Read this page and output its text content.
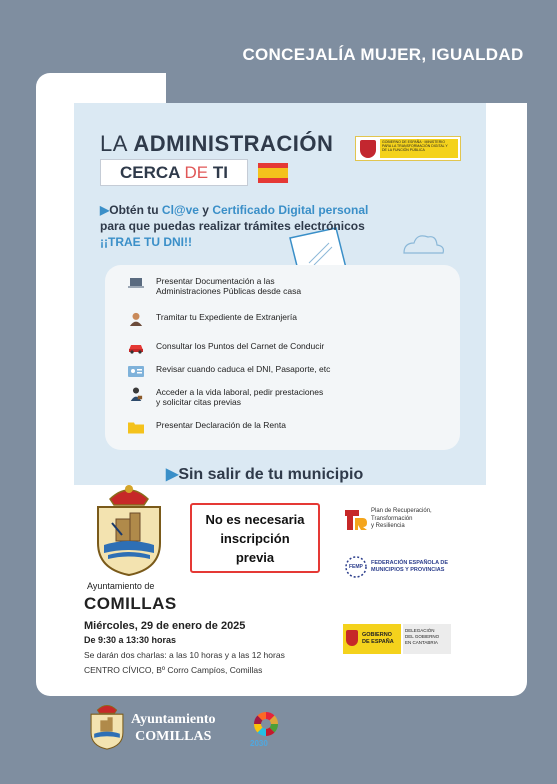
CONCEJALÍA MUJER, IGUALDAD
LA ADMINISTRACIÓN
CERCA DE TI
GOBIERNO DE ESPAÑA · MINISTERIO PARA LA TRANSFORMACIÓN DIGITAL Y DE LA FUNCIÓN PÚBLICA
▶Obtén tu Cl@ve y Certificado Digital personal
para que puedas realizar trámites electrónicos
¡¡TRAE TU DNI!!
Presentar Documentación a las
Administraciones Públicas desde casa
Tramitar tu Expediente de Extranjería
Consultar los Puntos del Carnet de Conducir
Revisar cuando caduca el DNI, Pasaporte, etc
Acceder a la vida laboral, pedir prestaciones
y solicitar citas previas
Presentar Declaración de la Renta
▶Sin salir de tu municipio
No es necesaria
inscripción
previa
Plan de Recuperación,
Transformación
y Resiliencia
FEMP
FEDERACIÓN ESPAÑOLA DE
MUNICIPIOS Y PROVINCIAS
GOBIERNO
DE ESPAÑA
DELEGACIÓN
DEL GOBIERNO
EN CANTABRIA
Ayuntamiento de
COMILLAS
Miércoles, 29 de enero de 2025
De 9:30 a 13:30 horas
Se darán dos charlas: a las 10 horas y a las 12 horas
CENTRO CÍVICO, Bº Corro Campíos, Comillas
Ayuntamiento
COMILLAS	2030
